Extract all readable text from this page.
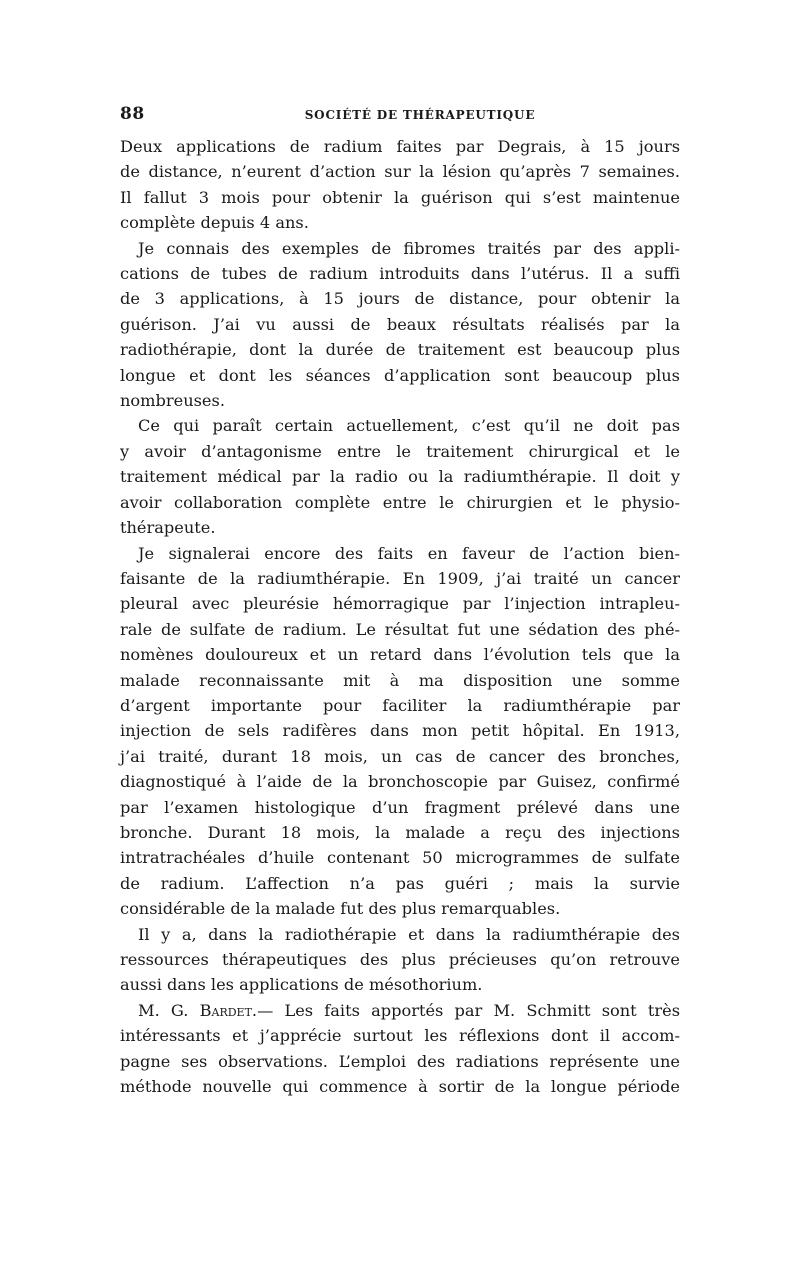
88	SOCIÉTÉ DE THÉRAPEUTIQUE
Deux applications de radium faites par Degrais, à 15 jours
de distance, n’eurent d’action sur la lésion qu’après 7 semaines.
Il fallut 3 mois pour obtenir la guérison qui s’est maintenue
complète depuis 4 ans.
Je connais des exemples de fibromes traités par des appli-
cations de tubes de radium introduits dans l’utérus. Il a suffi
de 3 applications, à 15 jours de distance, pour obtenir la
guérison. J’ai vu aussi de beaux résultats réalisés par la
radiothérapie, dont la durée de traitement est beaucoup plus
longue et dont les séances d’application sont beaucoup plus
nombreuses.
Ce qui paraît certain actuellement, c’est qu’il ne doit pas
y avoir d’antagonisme entre le traitement chirurgical et le
traitement médical par la radio ou la radiumthérapie. Il doit y
avoir collaboration complète entre le chirurgien et le physio-
thérapeute.
Je signalerai encore des faits en faveur de l’action bien-
faisante de la radiumthérapie. En 1909, j’ai traité un cancer
pleural avec pleurésie hémorragique par l’injection intrapleu-
rale de sulfate de radium. Le résultat fut une sédation des phé-
nomènes douloureux et un retard dans l’évolution tels que la
malade reconnaissante mit à ma disposition une somme
d’argent importante pour faciliter la radiumthérapie par
injection de sels radifères dans mon petit hôpital. En 1913,
j’ai traité, durant 18 mois, un cas de cancer des bronches,
diagnostiqué à l’aide de la bronchoscopie par Guisez, confirmé
par l’examen histologique d’un fragment prélevé dans une
bronche. Durant 18 mois, la malade a reçu des injections
intratrachéales d’huile contenant 50 microgrammes de sulfate
de radium. L’affection n’a pas guéri ; mais la survie
considérable de la malade fut des plus remarquables.
Il y a, dans la radiothérapie et dans la radiumthérapie des
ressources thérapeutiques des plus précieuses qu’on retrouve
aussi dans les applications de mésothorium.
M. G. Bardet.— Les faits apportés par M. Schmitt sont très
intéressants et j’apprécie surtout les réflexions dont il accom-
pagne ses observations. L’emploi des radiations représente une
méthode nouvelle qui commence à sortir de la longue période
